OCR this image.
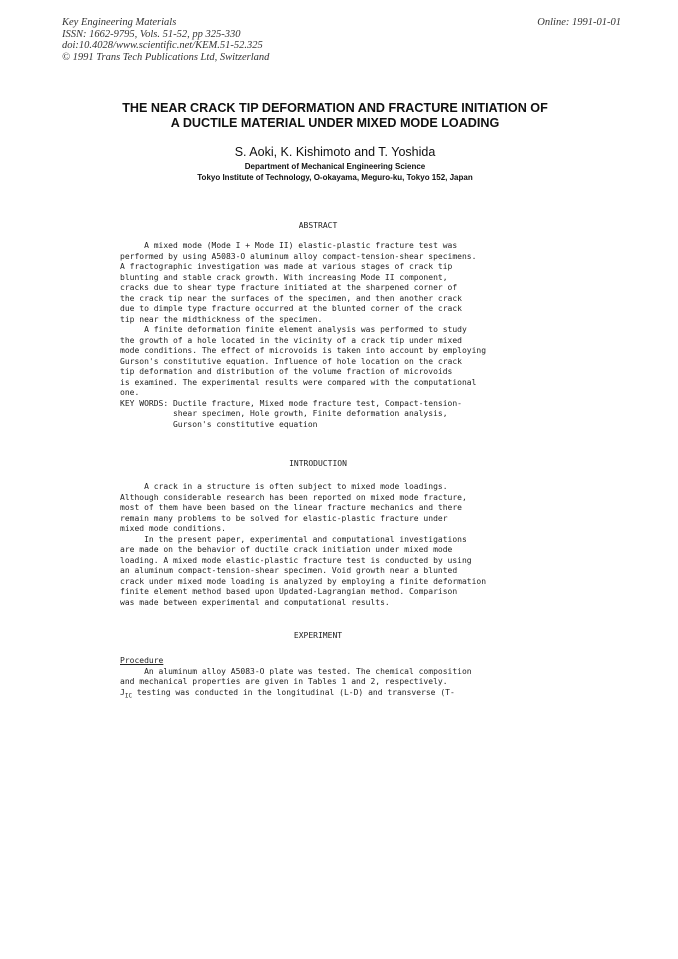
Key Engineering Materials
ISSN: 1662-9795, Vols. 51-52, pp 325-330
doi:10.4028/www.scientific.net/KEM.51-52.325
© 1991 Trans Tech Publications Ltd, Switzerland
Online: 1991-01-01
THE NEAR CRACK TIP DEFORMATION AND FRACTURE INITIATION OF
A DUCTILE MATERIAL UNDER MIXED MODE LOADING
S. Aoki, K. Kishimoto and T. Yoshida
Department of Mechanical Engineering Science
Tokyo Institute of Technology, O-okayama, Meguro-ku, Tokyo 152, Japan
ABSTRACT
A mixed mode (Mode I + Mode II) elastic-plastic fracture test was
performed by using A5083-O aluminum alloy compact-tension-shear specimens.
A fractographic investigation was made at various stages of crack tip
blunting and stable crack growth. With increasing Mode II component,
cracks due to shear type fracture initiated at the sharpened corner of
the crack tip near the surfaces of the specimen, and then another crack
due to dimple type fracture occurred at the blunted corner of the crack
tip near the midthickness of the specimen.
A finite deformation finite element analysis was performed to study
the growth of a hole located in the vicinity of a crack tip under mixed
mode conditions. The effect of microvoids is taken into account by employing
Gurson's constitutive equation. Influence of hole location on the crack
tip deformation and distribution of the volume fraction of microvoids
is examined. The experimental results were compared with the computational
one.
KEY WORDS: Ductile fracture, Mixed mode fracture test, Compact-tension-
shear specimen, Hole growth, Finite deformation analysis,
Gurson's constitutive equation
INTRODUCTION
A crack in a structure is often subject to mixed mode loadings.
Although considerable research has been reported on mixed mode fracture,
most of them have been based on the linear fracture mechanics and there
remain many problems to be solved for elastic-plastic fracture under
mixed mode conditions.
In the present paper, experimental and computational investigations
are made on the behavior of ductile crack initiation under mixed mode
loading. A mixed mode elastic-plastic fracture test is conducted by using
an aluminum compact-tension-shear specimen. Void growth near a blunted
crack under mixed mode loading is analyzed by employing a finite deformation
finite element method based upon Updated-Lagrangian method. Comparison
was made between experimental and computational results.
EXPERIMENT
Procedure
An aluminum alloy A5083-O plate was tested. The chemical composition
and mechanical properties are given in Tables 1 and 2, respectively.
$J_{IC}$ testing was conducted in the longitudinal (L-D) and transverse (T-
